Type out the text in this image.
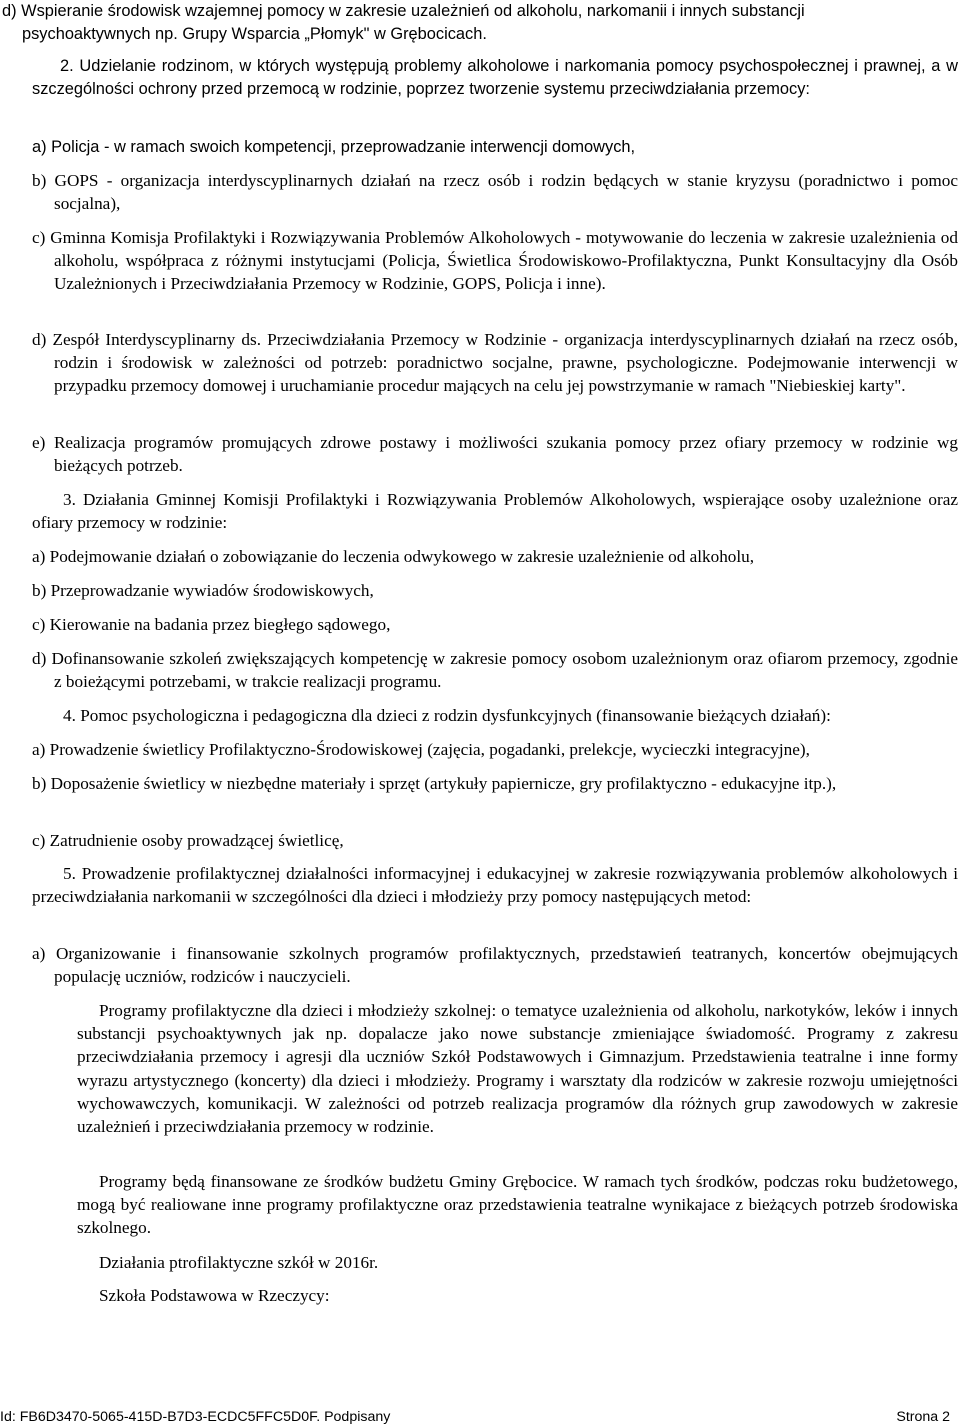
d) Wspieranie środowisk wzajemnej pomocy w zakresie uzależnień od alkoholu, narkomanii i innych substancji
psychoaktywnych np. Grupy Wsparcia „Płomyk" w Grębocicach.

2. Udzielanie rodzinom, w których występują problemy alkoholowe i narkomania pomocy psychospołecznej i prawnej, a w szczególności ochrony przed przemocą w rodzinie, poprzez tworzenie systemu przeciwdziałania przemocy:

a) Policja - w ramach swoich kompetencji, przeprowadzanie interwencji domowych,

b) GOPS - organizacja interdyscyplinarnych działań na rzecz osób i rodzin będących w stanie kryzysu (poradnictwo i pomoc socjalna),

c) Gminna Komisja Profilaktyki i Rozwiązywania Problemów Alkoholowych - motywowanie do leczenia w zakresie uzależnienia od alkoholu, współpraca z różnymi instytucjami (Policja, Świetlica Środowiskowo-Profilaktyczna, Punkt Konsultacyjny dla Osób Uzależnionych i Przeciwdziałania Przemocy w Rodzinie, GOPS, Policja i inne).

d) Zespół Interdyscyplinarny ds. Przeciwdziałania Przemocy w Rodzinie - organizacja interdyscyplinarnych działań na rzecz osób, rodzin i środowisk w zależności od potrzeb: poradnictwo socjalne, prawne, psychologiczne. Podejmowanie interwencji w przypadku przemocy domowej i uruchamianie procedur mających na celu jej powstrzymanie w ramach "Niebieskiej karty".

e) Realizacja programów promujących zdrowe postawy i możliwości szukania pomocy przez ofiary przemocy w rodzinie wg bieżących potrzeb.

3. Działania Gminnej Komisji Profilaktyki i Rozwiązywania Problemów Alkoholowych, wspierające osoby uzależnione oraz ofiary przemocy w rodzinie:

a) Podejmowanie działań o zobowiązanie do leczenia odwykowego w zakresie uzależnienie od alkoholu,

b) Przeprowadzanie wywiadów środowiskowych,

c) Kierowanie na badania przez biegłego sądowego,

d) Dofinansowanie szkoleń zwiększających kompetencję w zakresie pomocy osobom uzależnionym oraz ofiarom przemocy, zgodnie z boieżącymi potrzebami, w trakcie realizacji programu.

4. Pomoc psychologiczna i pedagogiczna dla dzieci z rodzin dysfunkcyjnych (finansowanie bieżących działań):

a) Prowadzenie świetlicy Profilaktyczno-Środowiskowej (zajęcia, pogadanki, prelekcje, wycieczki integracyjne),

b) Doposażenie świetlicy w niezbędne materiały i sprzęt (artykuły papiernicze, gry profilaktyczno - edukacyjne itp.),

c) Zatrudnienie osoby prowadzącej świetlicę,

5. Prowadzenie profilaktycznej działalności informacyjnej i edukacyjnej w zakresie rozwiązywania problemów alkoholowych i przeciwdziałania narkomanii w szczególności dla dzieci i młodzieży przy pomocy następujących metod:

a) Organizowanie i finansowanie szkolnych programów profilaktycznych, przedstawień teatranych, koncertów obejmujących populację uczniów, rodziców i nauczycieli.

Programy profilaktyczne dla dzieci i młodzieży szkolnej: o tematyce uzależnienia od alkoholu, narkotyków, leków i innych substancji psychoaktywnych jak np. dopalacze jako nowe substancje zmieniające świadomość. Programy z zakresu przeciwdziałania przemocy i agresji dla uczniów Szkół Podstawowych i Gimnazjum. Przedstawienia teatralne i inne formy wyrazu artystycznego (koncerty) dla dzieci i młodzieży. Programy i warsztaty dla rodziców w zakresie rozwoju umiejętności wychowawczych, komunikacji. W zależności od potrzeb realizacja programów dla różnych grup zawodowych w zakresie uzależnień i przeciwdziałania przemocy w rodzinie.

Programy będą finansowane ze środków budżetu Gminy Grębocice. W ramach tych środków, podczas roku budżetowego, mogą być realiowane inne programy profilaktyczne oraz przedstawienia teatralne wynikajace z bieżących potrzeb środowiska szkolnego.

Działania ptrofilaktyczne szkół w 2016r.

Szkoła Podstawowa w Rzeczycy:

Id: FB6D3470-5065-415D-B7D3-ECDC5FFC5D0F. Podpisany	Strona 2
